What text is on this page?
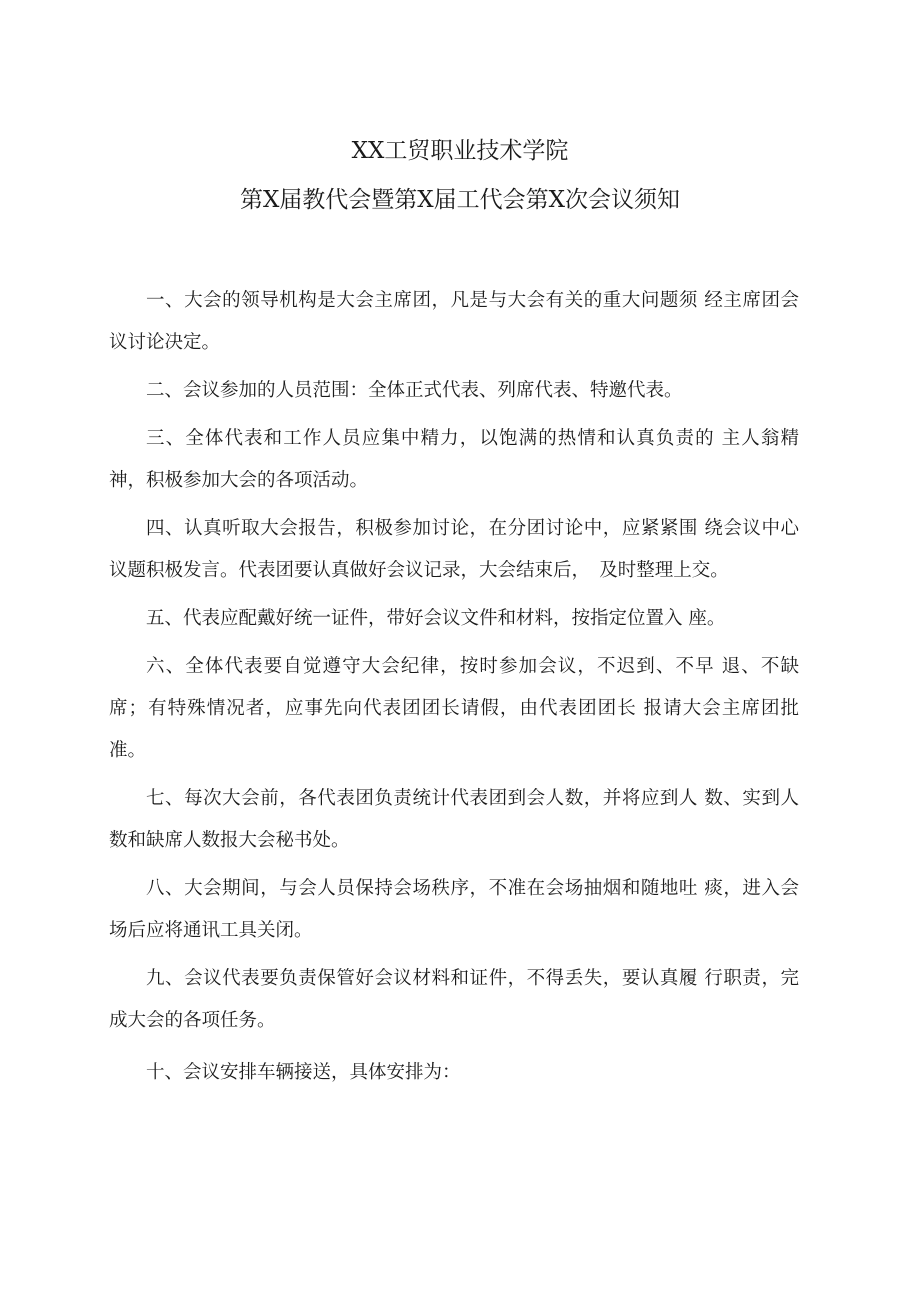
XX工贸职业技术学院
第X届教代会暨第X届工代会第X次会议须知

一、大会的领导机构是大会主席团，凡是与大会有关的重大问题须 经主席团会议讨论决定。

二、会议参加的人员范围：全体正式代表、列席代表、特邀代表。

三、全体代表和工作人员应集中精力，以饱满的热情和认真负责的 主人翁精神，积极参加大会的各项活动。

四、认真听取大会报告，积极参加讨论，在分团讨论中，应紧紧围 绕会议中心议题积极发言。代表团要认真做好会议记录，大会结束后，　及时整理上交。

五、代表应配戴好统一证件，带好会议文件和材料，按指定位置入 座。

六、全体代表要自觉遵守大会纪律，按时参加会议，不迟到、不早 退、不缺席；有特殊情况者，应事先向代表团团长请假，由代表团团长 报请大会主席团批准。

七、每次大会前，各代表团负责统计代表团到会人数，并将应到人 数、实到人数和缺席人数报大会秘书处。

八、大会期间，与会人员保持会场秩序，不准在会场抽烟和随地吐 痰，进入会场后应将通讯工具关闭。

九、会议代表要负责保管好会议材料和证件，不得丢失，要认真履 行职责，完成大会的各项任务。

十、会议安排车辆接送，具体安排为：
